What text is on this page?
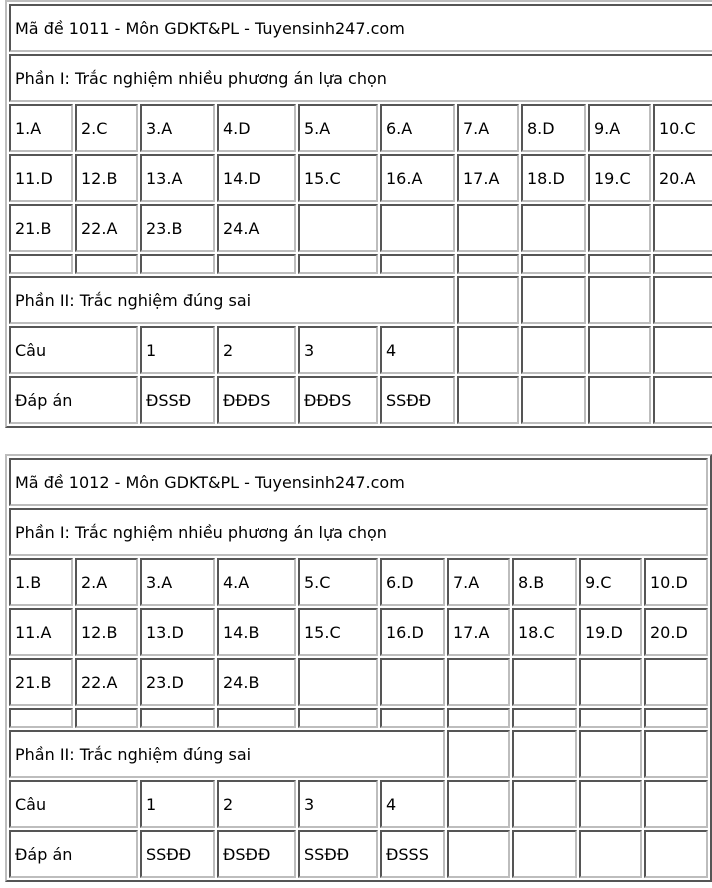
Mã đề 1011 - Môn GDKT&PL - Tuyensinh247.com									
Phần I: Trắc nghiệm nhiều phương án lựa chọn									
1.A	2.C	3.A	4.D	5.A	6.A	7.A	8.D	9.A	10.C
11.D	12.B	13.A	14.D	15.C	16.A	17.A	18.D	19.C	20.A
21.B	22.A	23.B	24.A						

Phần II: Trắc nghiệm đúng sai									
Câu		1	2	3	4				
Đáp án		ĐSSĐ	ĐĐĐS	ĐĐĐS	SSĐĐ				
Mã đề 1012 - Môn GDKT&PL - Tuyensinh247.com									
Phần I: Trắc nghiệm nhiều phương án lựa chọn									
1.B	2.A	3.A	4.A	5.C	6.D	7.A	8.B	9.C	10.D
11.A	12.B	13.D	14.B	15.C	16.D	17.A	18.C	19.D	20.D
21.B	22.A	23.D	24.B						

Phần II: Trắc nghiệm đúng sai									
Câu		1	2	3	4				
Đáp án		SSĐĐ	ĐSĐĐ	SSĐĐ	ĐSSS				
